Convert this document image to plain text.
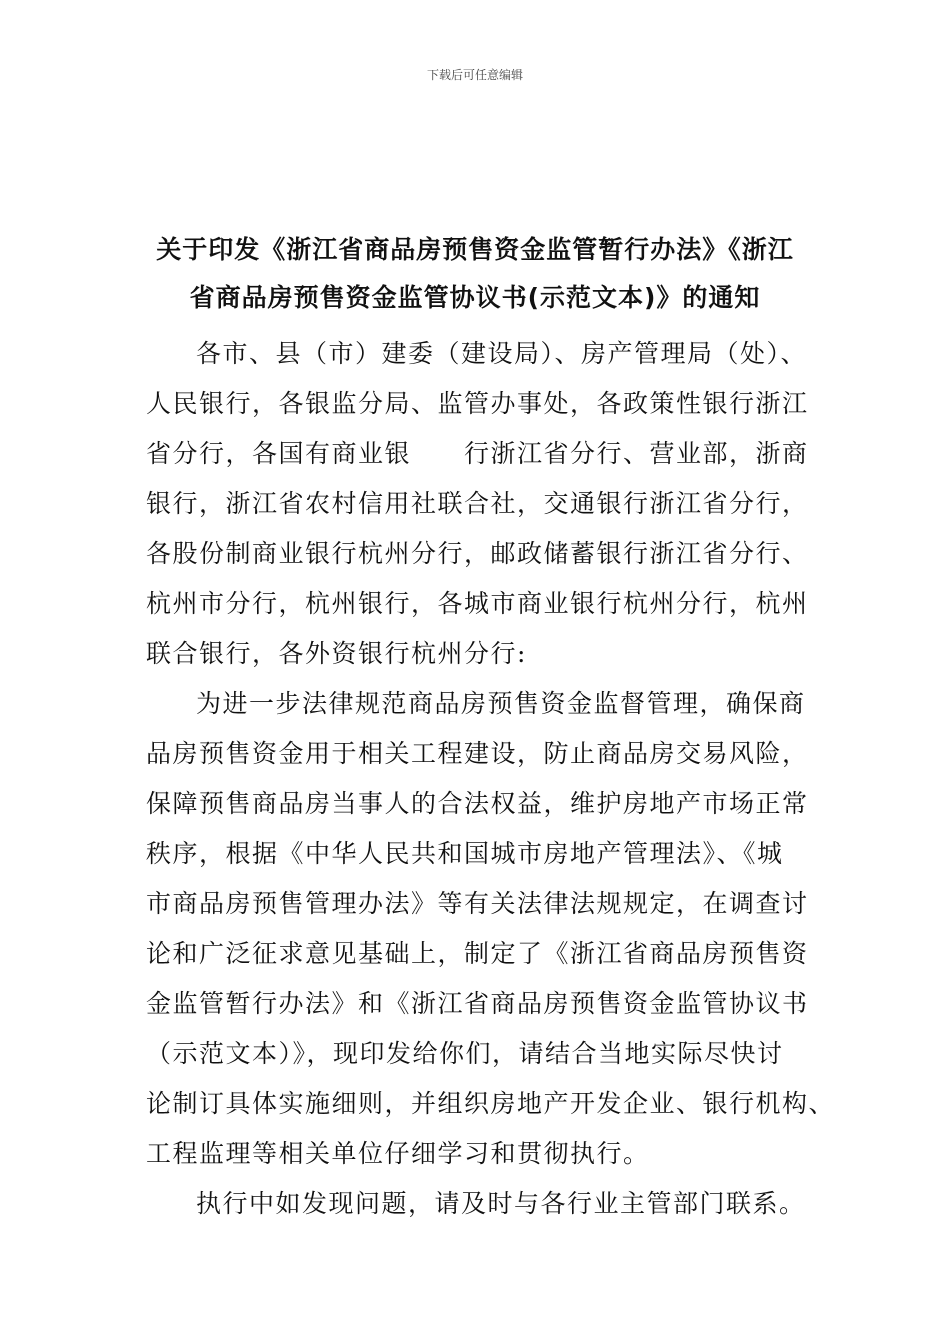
下载后可任意编辑
关于印发《浙江省商品房预售资金监管暂行办法》《浙江
省商品房预售资金监管协议书(示范文本)》的通知
各市、县（市）建委（建设局）、房产管理局（处）、
人民银行，各银监分局、监管办事处，各政策性银行浙江
省分行，各国有商业银　　行浙江省分行、营业部，浙商
银行，浙江省农村信用社联合社，交通银行浙江省分行，
各股份制商业银行杭州分行，邮政储蓄银行浙江省分行、
杭州市分行，杭州银行，各城市商业银行杭州分行，杭州
联合银行，各外资银行杭州分行:
为进一步法律规范商品房预售资金监督管理，确保商
品房预售资金用于相关工程建设，防止商品房交易风险，
保障预售商品房当事人的合法权益，维护房地产市场正常
秩序，根据《中华人民共和国城市房地产管理法》、《城
市商品房预售管理办法》等有关法律法规规定，在调查讨
论和广泛征求意见基础上，制定了《浙江省商品房预售资
金监管暂行办法》和《浙江省商品房预售资金监管协议书
（示范文本）》，现印发给你们，请结合当地实际尽快讨
论制订具体实施细则，并组织房地产开发企业、银行机构、
工程监理等相关单位仔细学习和贯彻执行。
执行中如发现问题，请及时与各行业主管部门联系。
